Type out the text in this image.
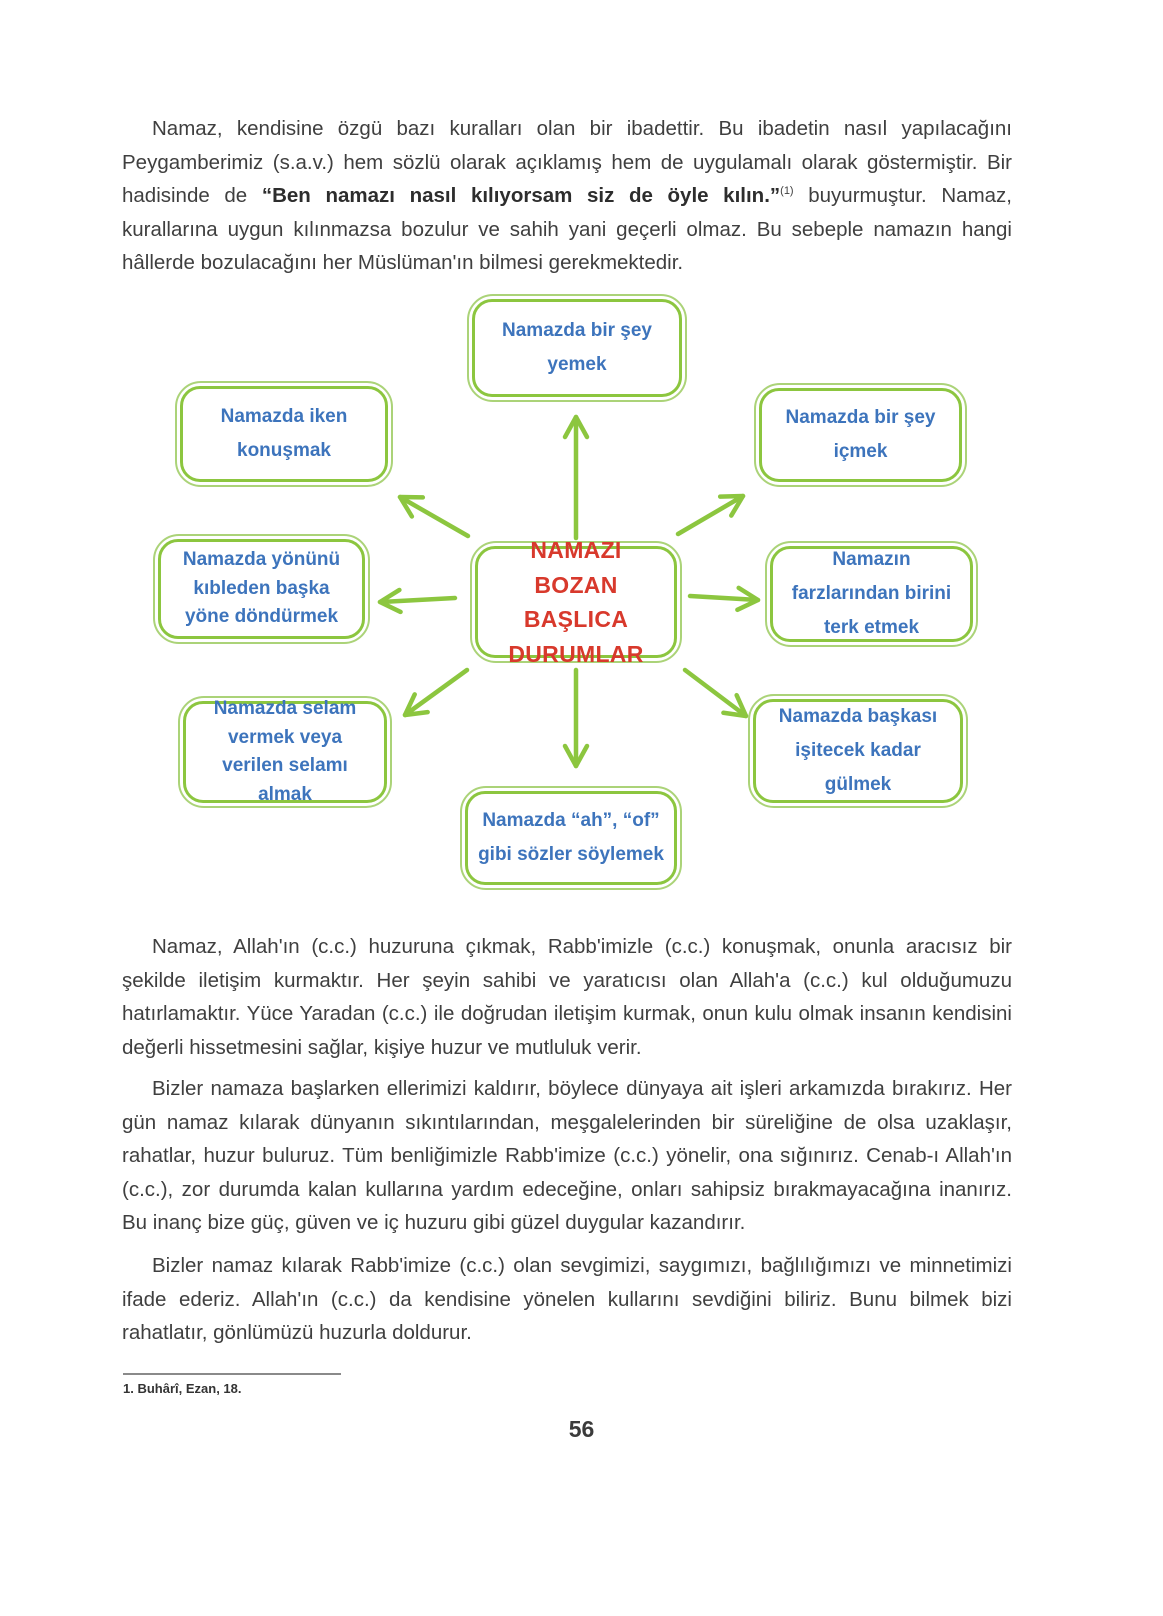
Namaz, kendisine özgü bazı kuralları olan bir ibadettir. Bu ibadetin nasıl yapılacağını Peygamberimiz (s.a.v.) hem sözlü olarak açıklamış hem de uygulamalı olarak göstermiştir. Bir hadisinde de “Ben namazı nasıl kılıyorsam siz de öyle kılın.”$^{(1)}$ buyurmuştur. Namaz, kurallarına uygun kılınmazsa bozulur ve sahih yani geçerli olmaz. Bu sebeple namazın hangi hâllerde bozulacağını her Müslüman'ın bilmesi gerekmektedir.

NAMAZI BOZAN BAŞLICA DURUMLAR
Namazda bir şey yemek
Namazda iken konuşmak
Namazda bir şey içmek
Namazda yönünü kıbleden başka yöne döndürmek
Namazın farzlarından birini terk etmek
Namazda selam vermek veya verilen selamı almak
Namazda başkası işitecek kadar gülmek
Namazda “ah”, “of” gibi sözler söylemek

Namaz, Allah'ın (c.c.) huzuruna çıkmak, Rabb'imizle (c.c.) konuşmak, onunla aracısız bir şekilde iletişim kurmaktır. Her şeyin sahibi ve yaratıcısı olan Allah'a (c.c.) kul olduğumuzu hatırlamaktır. Yüce Yaradan (c.c.) ile doğrudan iletişim kurmak, onun kulu olmak insanın kendisini değerli hissetmesini sağlar, kişiye huzur ve mutluluk verir.

Bizler namaza başlarken ellerimizi kaldırır, böylece dünyaya ait işleri arkamızda bırakırız. Her gün namaz kılarak dünyanın sıkıntılarından, meşgalelerinden bir süreliğine de olsa uzaklaşır, rahatlar, huzur buluruz. Tüm benliğimizle Rabb'imize (c.c.) yönelir, ona sığınırız. Cenab-ı Allah'ın (c.c.), zor durumda kalan kullarına yardım edeceğine, onları sahipsiz bırakmayacağına inanırız. Bu inanç bize güç, güven ve iç huzuru gibi güzel duygular kazandırır.

Bizler namaz kılarak Rabb'imize (c.c.) olan sevgimizi, saygımızı, bağlılığımızı ve minnetimizi ifade ederiz. Allah'ın (c.c.) da kendisine yönelen kullarını sevdiğini biliriz. Bunu bilmek bizi rahatlatır, gönlümüzü huzurla doldurur.

1. Buhârî, Ezan, 18.
56
